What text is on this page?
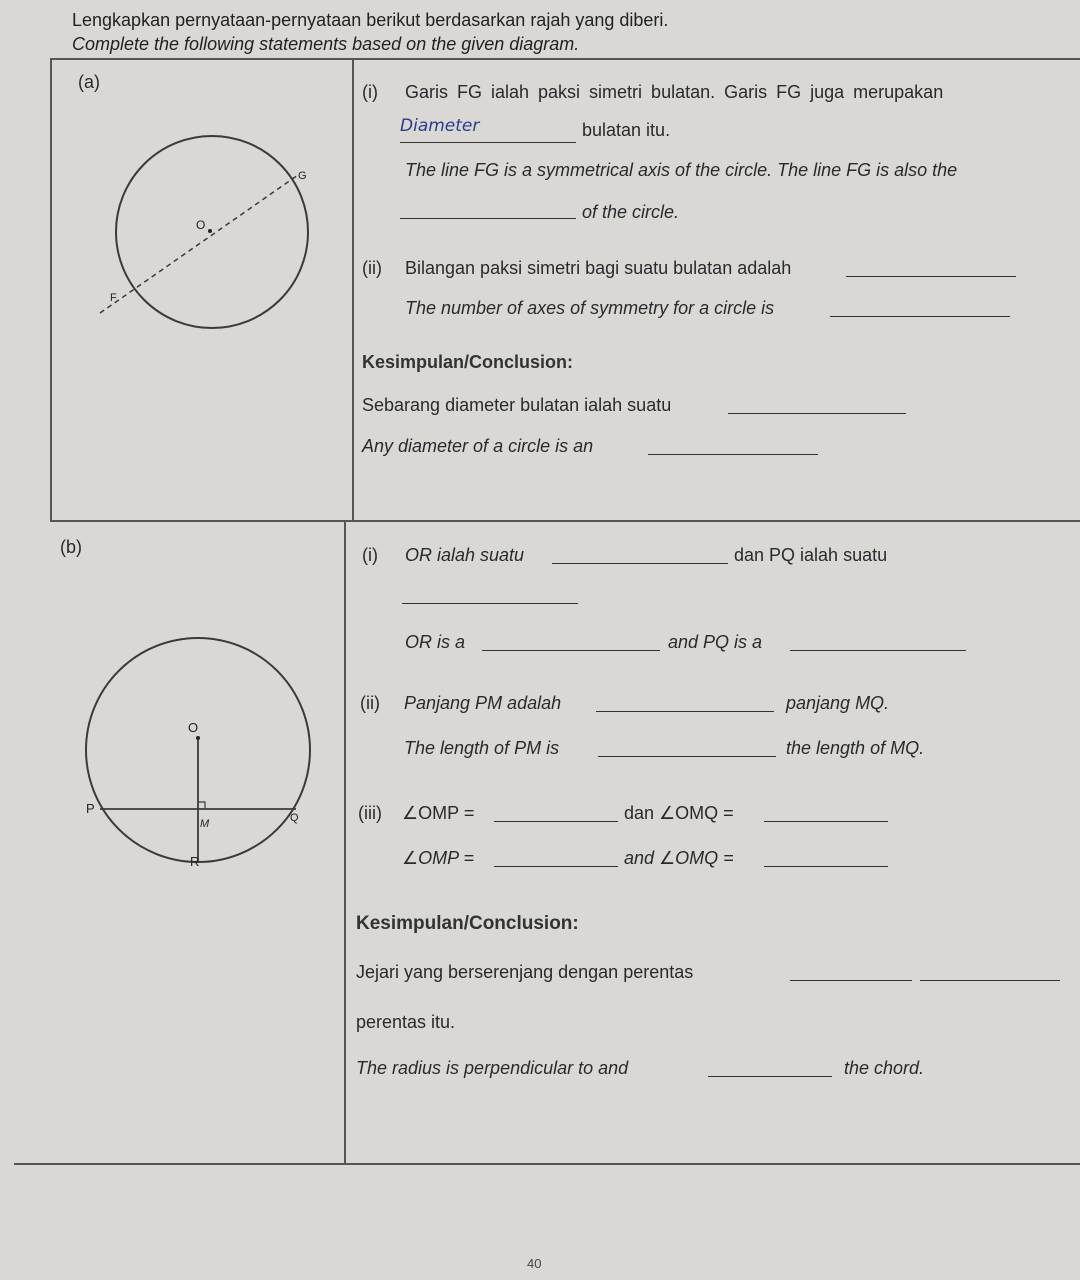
Lengkapkan pernyataan-pernyataan berikut berdasarkan rajah yang diberi.
Complete the following statements based on the given diagram.
(a)
G
O
F
(i) Garis FG ialah paksi simetri bulatan. Garis FG juga merupakan
Diameter	bulatan itu.
The line FG is a symmetrical axis of the circle. The line FG is also the
of the circle.
(ii) Bilangan paksi simetri bagi suatu bulatan adalah
The number of axes of symmetry for a circle is
Kesimpulan/Conclusion:
Sebarang diameter bulatan ialah suatu
Any diameter of a circle is an
(b)
O
P
Q
M
R
(i) OR ialah suatu	dan PQ ialah suatu
OR is a	and PQ is a
(ii) Panjang PM adalah	panjang MQ.
The length of PM is	the length of MQ.
(iii) ∠OMP =	dan ∠OMQ =
∠OMP =	and ∠OMQ =
Kesimpulan/Conclusion:
Jejari yang berserenjang dengan perentas
perentas itu.
The radius is perpendicular to and	the chord.
40
